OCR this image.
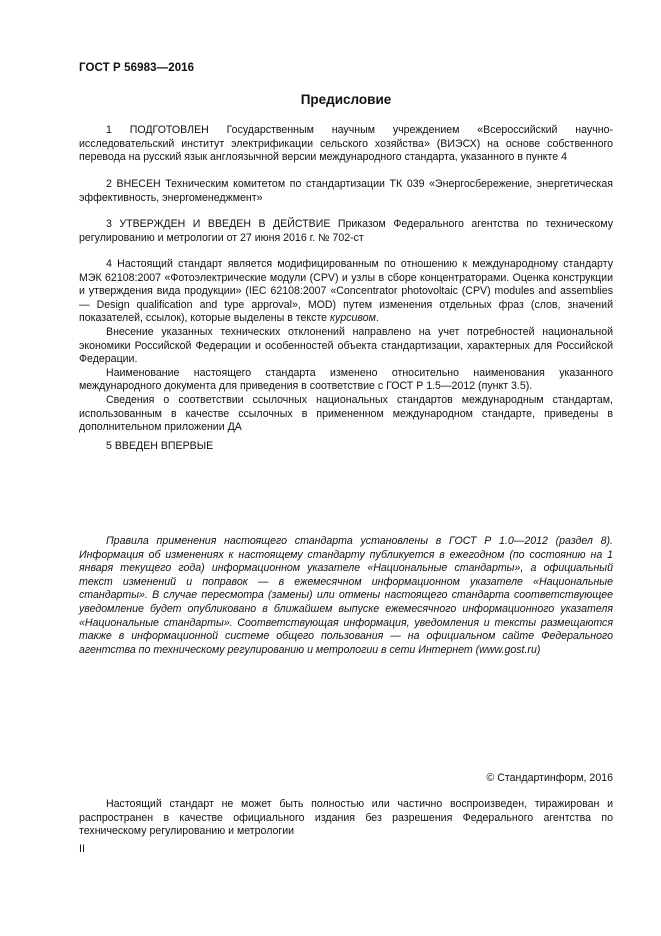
ГОСТ Р 56983—2016
Предисловие

1 ПОДГОТОВЛЕН Государственным научным учреждением «Всероссийский научно-исследовательский институт электрификации сельского хозяйства» (ВИЭСХ) на основе собственного перевода на русский язык англоязычной версии международного стандарта, указанного в пункте 4

2 ВНЕСЕН Техническим комитетом по стандартизации ТК 039 «Энергосбережение, энергетическая эффективность, энергоменеджмент»

3 УТВЕРЖДЕН И ВВЕДЕН В ДЕЙСТВИЕ Приказом Федерального агентства по техническому регулированию и метрологии от 27 июня 2016 г. № 702-ст

4 Настоящий стандарт является модифицированным по отношению к международному стандарту МЭК 62108:2007 «Фотоэлектрические модули (CPV) и узлы в сборе концентраторами. Оценка конструкции и утверждения вида продукции» (IEC 62108:2007 «Concentrator photovoltaic (CPV) modules and assemblies — Design qualification and type approval», MOD) путем изменения отдельных фраз (слов, значений показателей, ссылок), которые выделены в тексте курсивом.

Внесение указанных технических отклонений направлено на учет потребностей национальной экономики Российской Федерации и особенностей объекта стандартизации, характерных для Российской Федерации.

Наименование настоящего стандарта изменено относительно наименования указанного международного документа для приведения в соответствие с ГОСТ Р 1.5—2012 (пункт 3.5).

Сведения о соответствии ссылочных национальных стандартов международным стандартам, использованным в качестве ссылочных в примененном международном стандарте, приведены в дополнительном приложении ДА

5 ВВЕДЕН ВПЕРВЫЕ

Правила применения настоящего стандарта установлены в ГОСТ Р 1.0—2012 (раздел 8). Информация об изменениях к настоящему стандарту публикуется в ежегодном (по состоянию на 1 января текущего года) информационном указателе «Национальные стандарты», а официальный текст изменений и поправок — в ежемесячном информационном указателе «Национальные стандарты». В случае пересмотра (замены) или отмены настоящего стандарта соответствующее уведомление будет опубликовано в ближайшем выпуске ежемесячного информационного указателя «Национальные стандарты». Соответствующая информация, уведомления и тексты размещаются также в информационной системе общего пользования — на официальном сайте Федерального агентства по техническому регулированию и метрологии в сети Интернет (www.gost.ru)

© Стандартинформ, 2016

Настоящий стандарт не может быть полностью или частично воспроизведен, тиражирован и распространен в качестве официального издания без разрешения Федерального агентства по техническому регулированию и метрологии

II
